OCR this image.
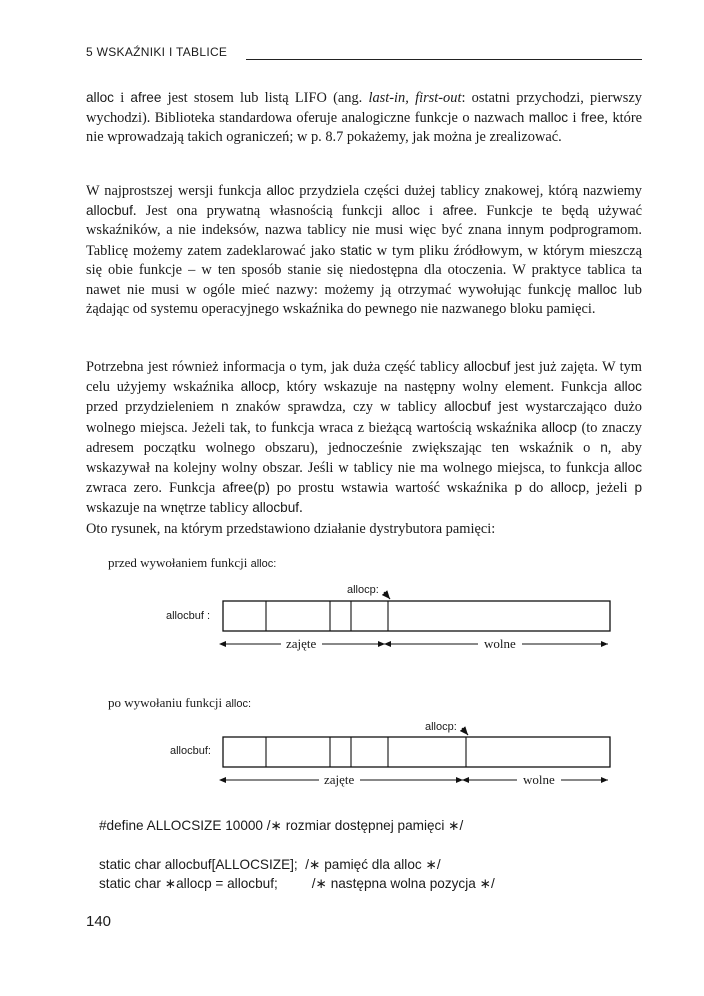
5 WSKAŹNIKI I TABLICE

alloc i afree jest stosem lub listą LIFO (ang. last-in, first-out: ostatni przychodzi, pierwszy wychodzi). Biblioteka standardowa oferuje analogiczne funkcje o nazwach malloc i free, które nie wprowadzają takich ograniczeń; w p. 8.7 pokażemy, jak można je zrealizować.

W najprostszej wersji funkcja alloc przydziela części dużej tablicy znakowej, którą nazwiemy allocbuf. Jest ona prywatną własnością funkcji alloc i afree. Funkcje te będą używać wskaźników, a nie indeksów, nazwa tablicy nie musi więc być znana innym podprogramom. Tablicę możemy zatem zadeklarować jako static w tym pliku źródłowym, w którym mieszczą się obie funkcje – w ten sposób stanie się niedostępna dla otoczenia. W praktyce tablica ta nawet nie musi w ogóle mieć nazwy: możemy ją otrzymać wywołując funkcję malloc lub żądając od systemu operacyjnego wskaźnika do pewnego nie nazwanego bloku pamięci.

Potrzebna jest również informacja o tym, jak duża część tablicy allocbuf jest już zajęta. W tym celu użyjemy wskaźnika allocp, który wskazuje na następny wolny element. Funkcja alloc przed przydzieleniem n znaków sprawdza, czy w tablicy allocbuf jest wystarczająco dużo wolnego miejsca. Jeżeli tak, to funkcja wraca z bieżącą wartością wskaźnika allocp (to znaczy adresem początku wolnego obszaru), jednocześnie zwiększając ten wskaźnik o n, aby wskazywał na kolejny wolny obszar. Jeśli w tablicy nie ma wolnego miejsca, to funkcja alloc zwraca zero. Funkcja afree(p) po prostu wstawia wartość wskaźnika p do allocp, jeżeli p wskazuje na wnętrze tablicy allocbuf.

Oto rysunek, na którym przedstawiono działanie dystrybutora pamięci:

przed wywołaniem funkcji alloc:
allocbuf :
allocp:
zajęte	wolne
po wywołaniu funkcji alloc:
allocbuf:
allocp:
zajęte	wolne
#define ALLOCSIZE 10000 /∗ rozmiar dostępnej pamięci ∗/
static char allocbuf[ALLOCSIZE];  /∗ pamięć dla alloc ∗/
static char ∗allocp = allocbuf;         /∗ następna wolna pozycja ∗/
140
